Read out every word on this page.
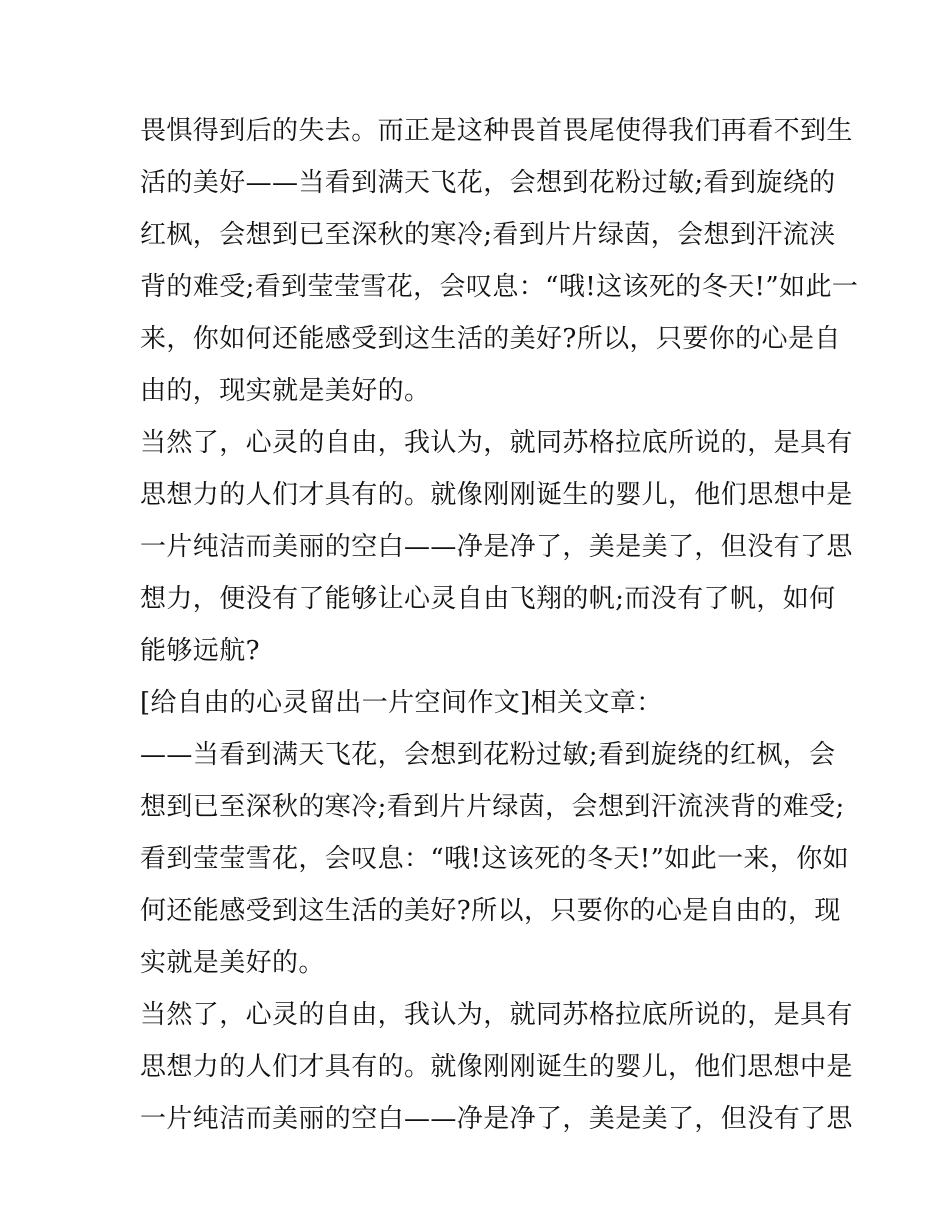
畏惧得到后的失去。而正是这种畏首畏尾使得我们再看不到生
活的美好——当看到满天飞花，会想到花粉过敏;看到旋绕的
红枫，会想到已至深秋的寒冷;看到片片绿茵，会想到汗流浃
背的难受;看到莹莹雪花，会叹息：“哦!这该死的冬天!”如此一
来，你如何还能感受到这生活的美好?所以，只要你的心是自
由的，现实就是美好的。
当然了，心灵的自由，我认为，就同苏格拉底所说的，是具有
思想力的人们才具有的。就像刚刚诞生的婴儿，他们思想中是
一片纯洁而美丽的空白——净是净了，美是美了，但没有了思
想力，便没有了能够让心灵自由飞翔的帆;而没有了帆，如何
能够远航?
[给自由的心灵留出一片空间作文]相关文章：
——当看到满天飞花，会想到花粉过敏;看到旋绕的红枫，会
想到已至深秋的寒冷;看到片片绿茵，会想到汗流浃背的难受;
看到莹莹雪花，会叹息：“哦!这该死的冬天!”如此一来，你如
何还能感受到这生活的美好?所以，只要你的心是自由的，现
实就是美好的。
当然了，心灵的自由，我认为，就同苏格拉底所说的，是具有
思想力的人们才具有的。就像刚刚诞生的婴儿，他们思想中是
一片纯洁而美丽的空白——净是净了，美是美了，但没有了思
